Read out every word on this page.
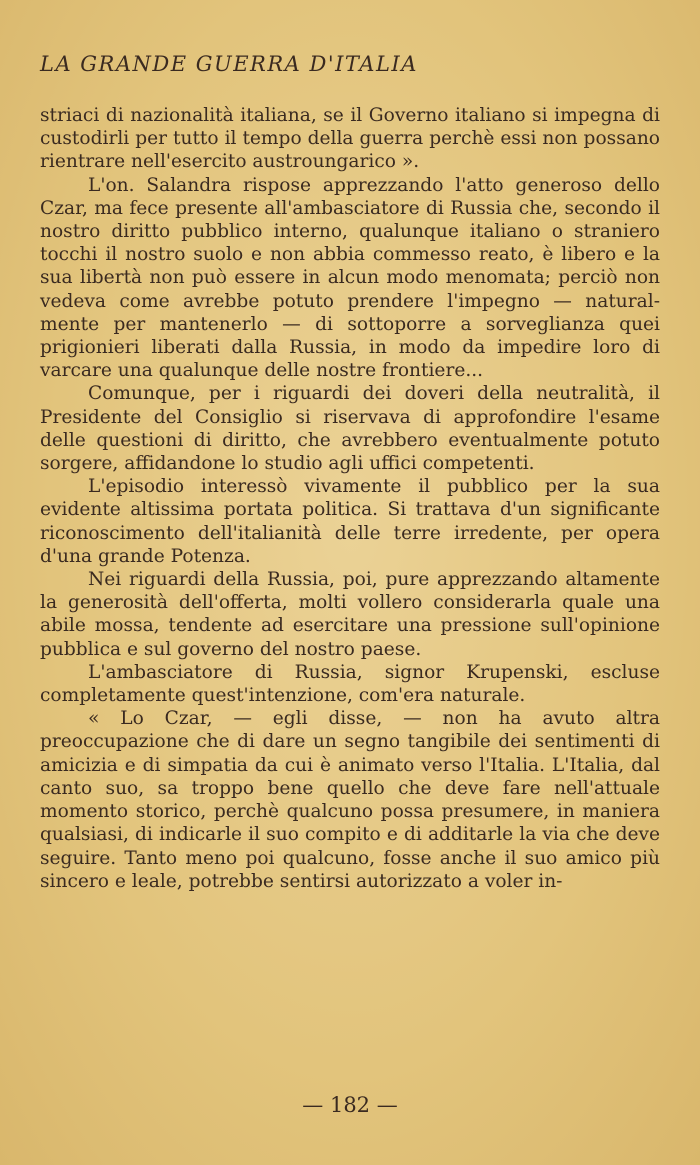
LA GRANDE GUERRA D'ITALIA

striaci di nazionalità italiana, se il Governo italiano si impegna di custodirli per tutto il tempo della guerra perchè essi non possano rientrare nell'esercito austroungarico ».

L'on. Salandra rispose apprezzando l'atto generoso dello Czar, ma fece presente all'ambasciatore di Russia che, secondo il nostro diritto pubblico interno, qualunque italiano o straniero tocchi il nostro suolo e non abbia commesso reato, è libero e la sua libertà non può essere in alcun modo menomata; perciò non vedeva come avrebbe potuto prendere l'impegno — naturalmente per mantenerlo — di sottoporre a sorveglianza quei prigionieri liberati dalla Russia, in modo da impedire loro di varcare una qualunque delle nostre frontiere...

Comunque, per i riguardi dei doveri della neutralità, il Presidente del Consiglio si riservava di approfondire l'esame delle questioni di diritto, che avrebbero eventualmente potuto sorgere, affidandone lo studio agli uffici competenti.

L'episodio interessò vivamente il pubblico per la sua evidente altissima portata politica. Si trattava d'un significante riconoscimento dell'italianità delle terre irredente, per opera d'una grande Potenza.

Nei riguardi della Russia, poi, pure apprezzando altamente la generosità dell'offerta, molti vollero considerarla quale una abile mossa, tendente ad esercitare una pressione sull'opinione pubblica e sul governo del nostro paese.

L'ambasciatore di Russia, signor Krupenski, escluse completamente quest'intenzione, com'era naturale.

« Lo Czar, — egli disse, — non ha avuto altra preoccupazione che di dare un segno tangibile dei sentimenti di amicizia e di simpatia da cui è animato verso l'Italia. L'Italia, dal canto suo, sa troppo bene quello che deve fare nell'attuale momento storico, perchè qualcuno possa presumere, in maniera qualsiasi, di indicarle il suo compito e di additarle la via che deve seguire. Tanto meno poi qualcuno, fosse anche il suo amico più sincero e leale, potrebbe sentirsi autorizzato a voler in-

— 182 —
